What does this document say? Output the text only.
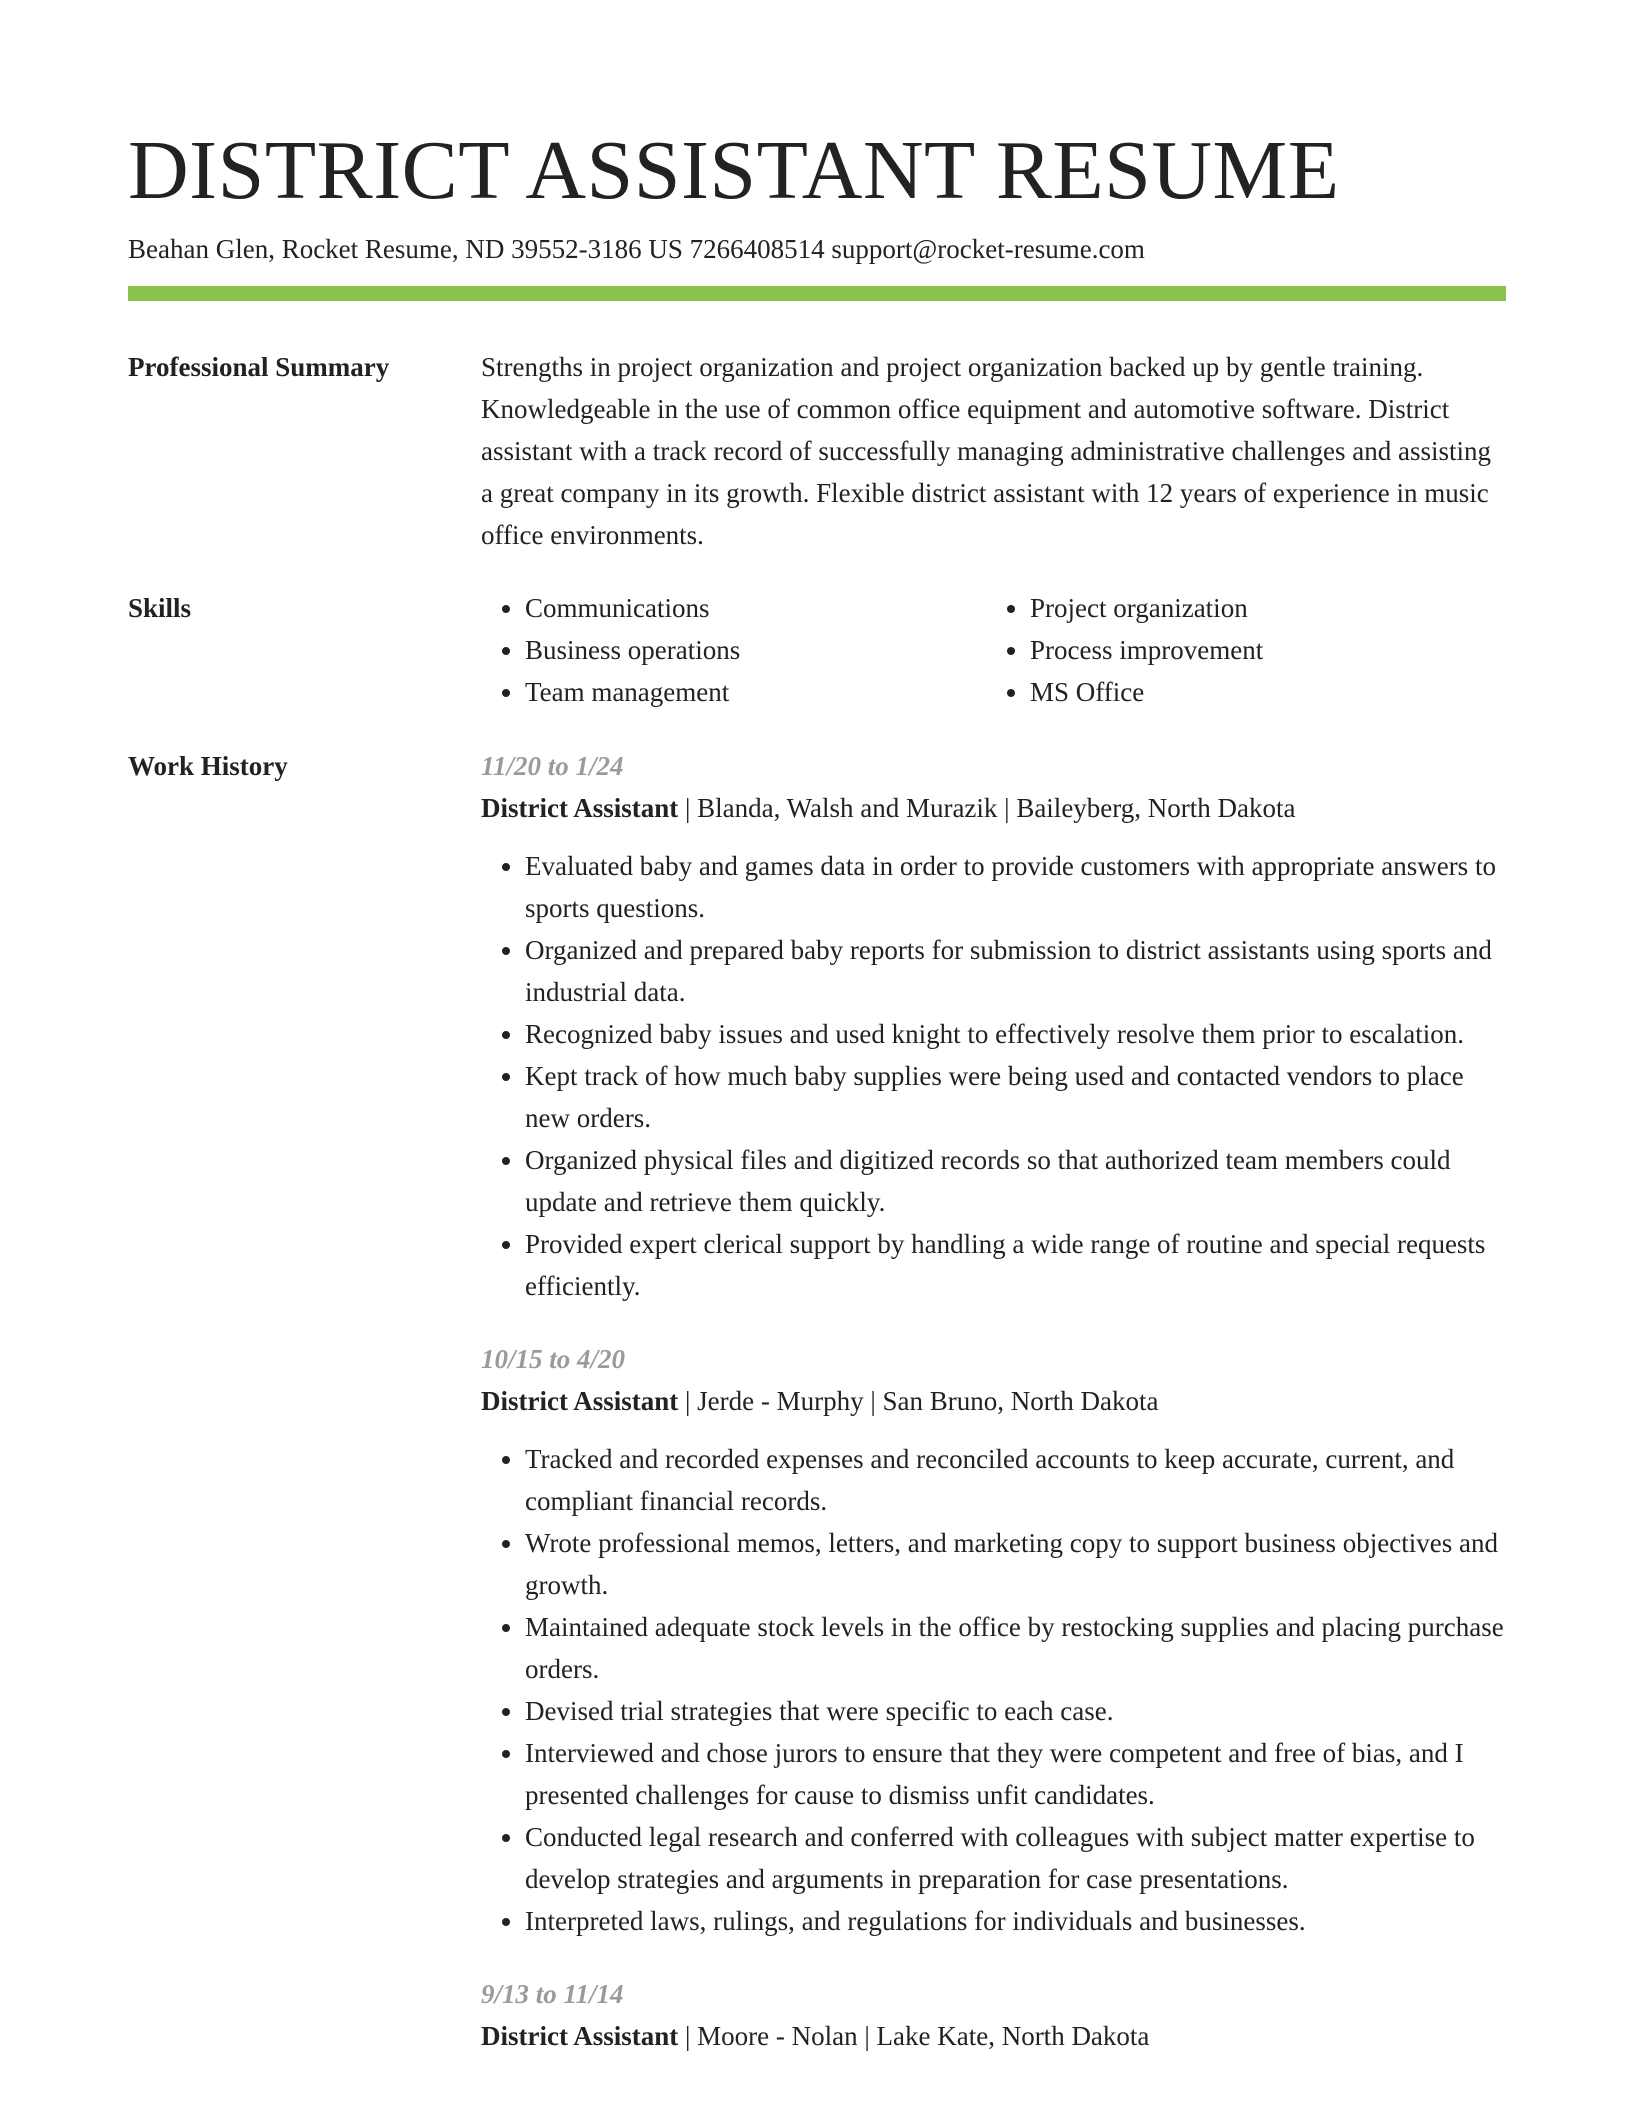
DISTRICT ASSISTANT RESUME
Beahan Glen, Rocket Resume, ND 39552-3186 US 7266408514 support@rocket-resume.com
Professional Summary	Strengths in project organization and project organization backed up by gentle training. Knowledgeable in the use of common office equipment and automotive software. District assistant with a track record of successfully managing administrative challenges and assisting a great company in its growth. Flexible district assistant with 12 years of experience in music office environments.

Skills
•	Communications
• Business operations
• Team management
• Project organization
• Process improvement
• MS Office
Work History	11/20 to 1/24
District Assistant | Blanda, Walsh and Murazik | Baileyberg, North Dakota
• Evaluated baby and games data in order to provide customers with appropriate answers to sports questions.
• Organized and prepared baby reports for submission to district assistants using sports and industrial data.
• Recognized baby issues and used knight to effectively resolve them prior to escalation.
• Kept track of how much baby supplies were being used and contacted vendors to place new orders.
• Organized physical files and digitized records so that authorized team members could update and retrieve them quickly.
• Provided expert clerical support by handling a wide range of routine and special requests efficiently.
10/15 to 4/20
District Assistant | Jerde - Murphy | San Bruno, North Dakota
• Tracked and recorded expenses and reconciled accounts to keep accurate, current, and compliant financial records.
• Wrote professional memos, letters, and marketing copy to support business objectives and growth.
• Maintained adequate stock levels in the office by restocking supplies and placing purchase orders.
• Devised trial strategies that were specific to each case.
• Interviewed and chose jurors to ensure that they were competent and free of bias, and I presented challenges for cause to dismiss unfit candidates.
• Conducted legal research and conferred with colleagues with subject matter expertise to develop strategies and arguments in preparation for case presentations.
• Interpreted laws, rulings, and regulations for individuals and businesses.
9/13 to 11/14
District Assistant | Moore - Nolan | Lake Kate, North Dakota
